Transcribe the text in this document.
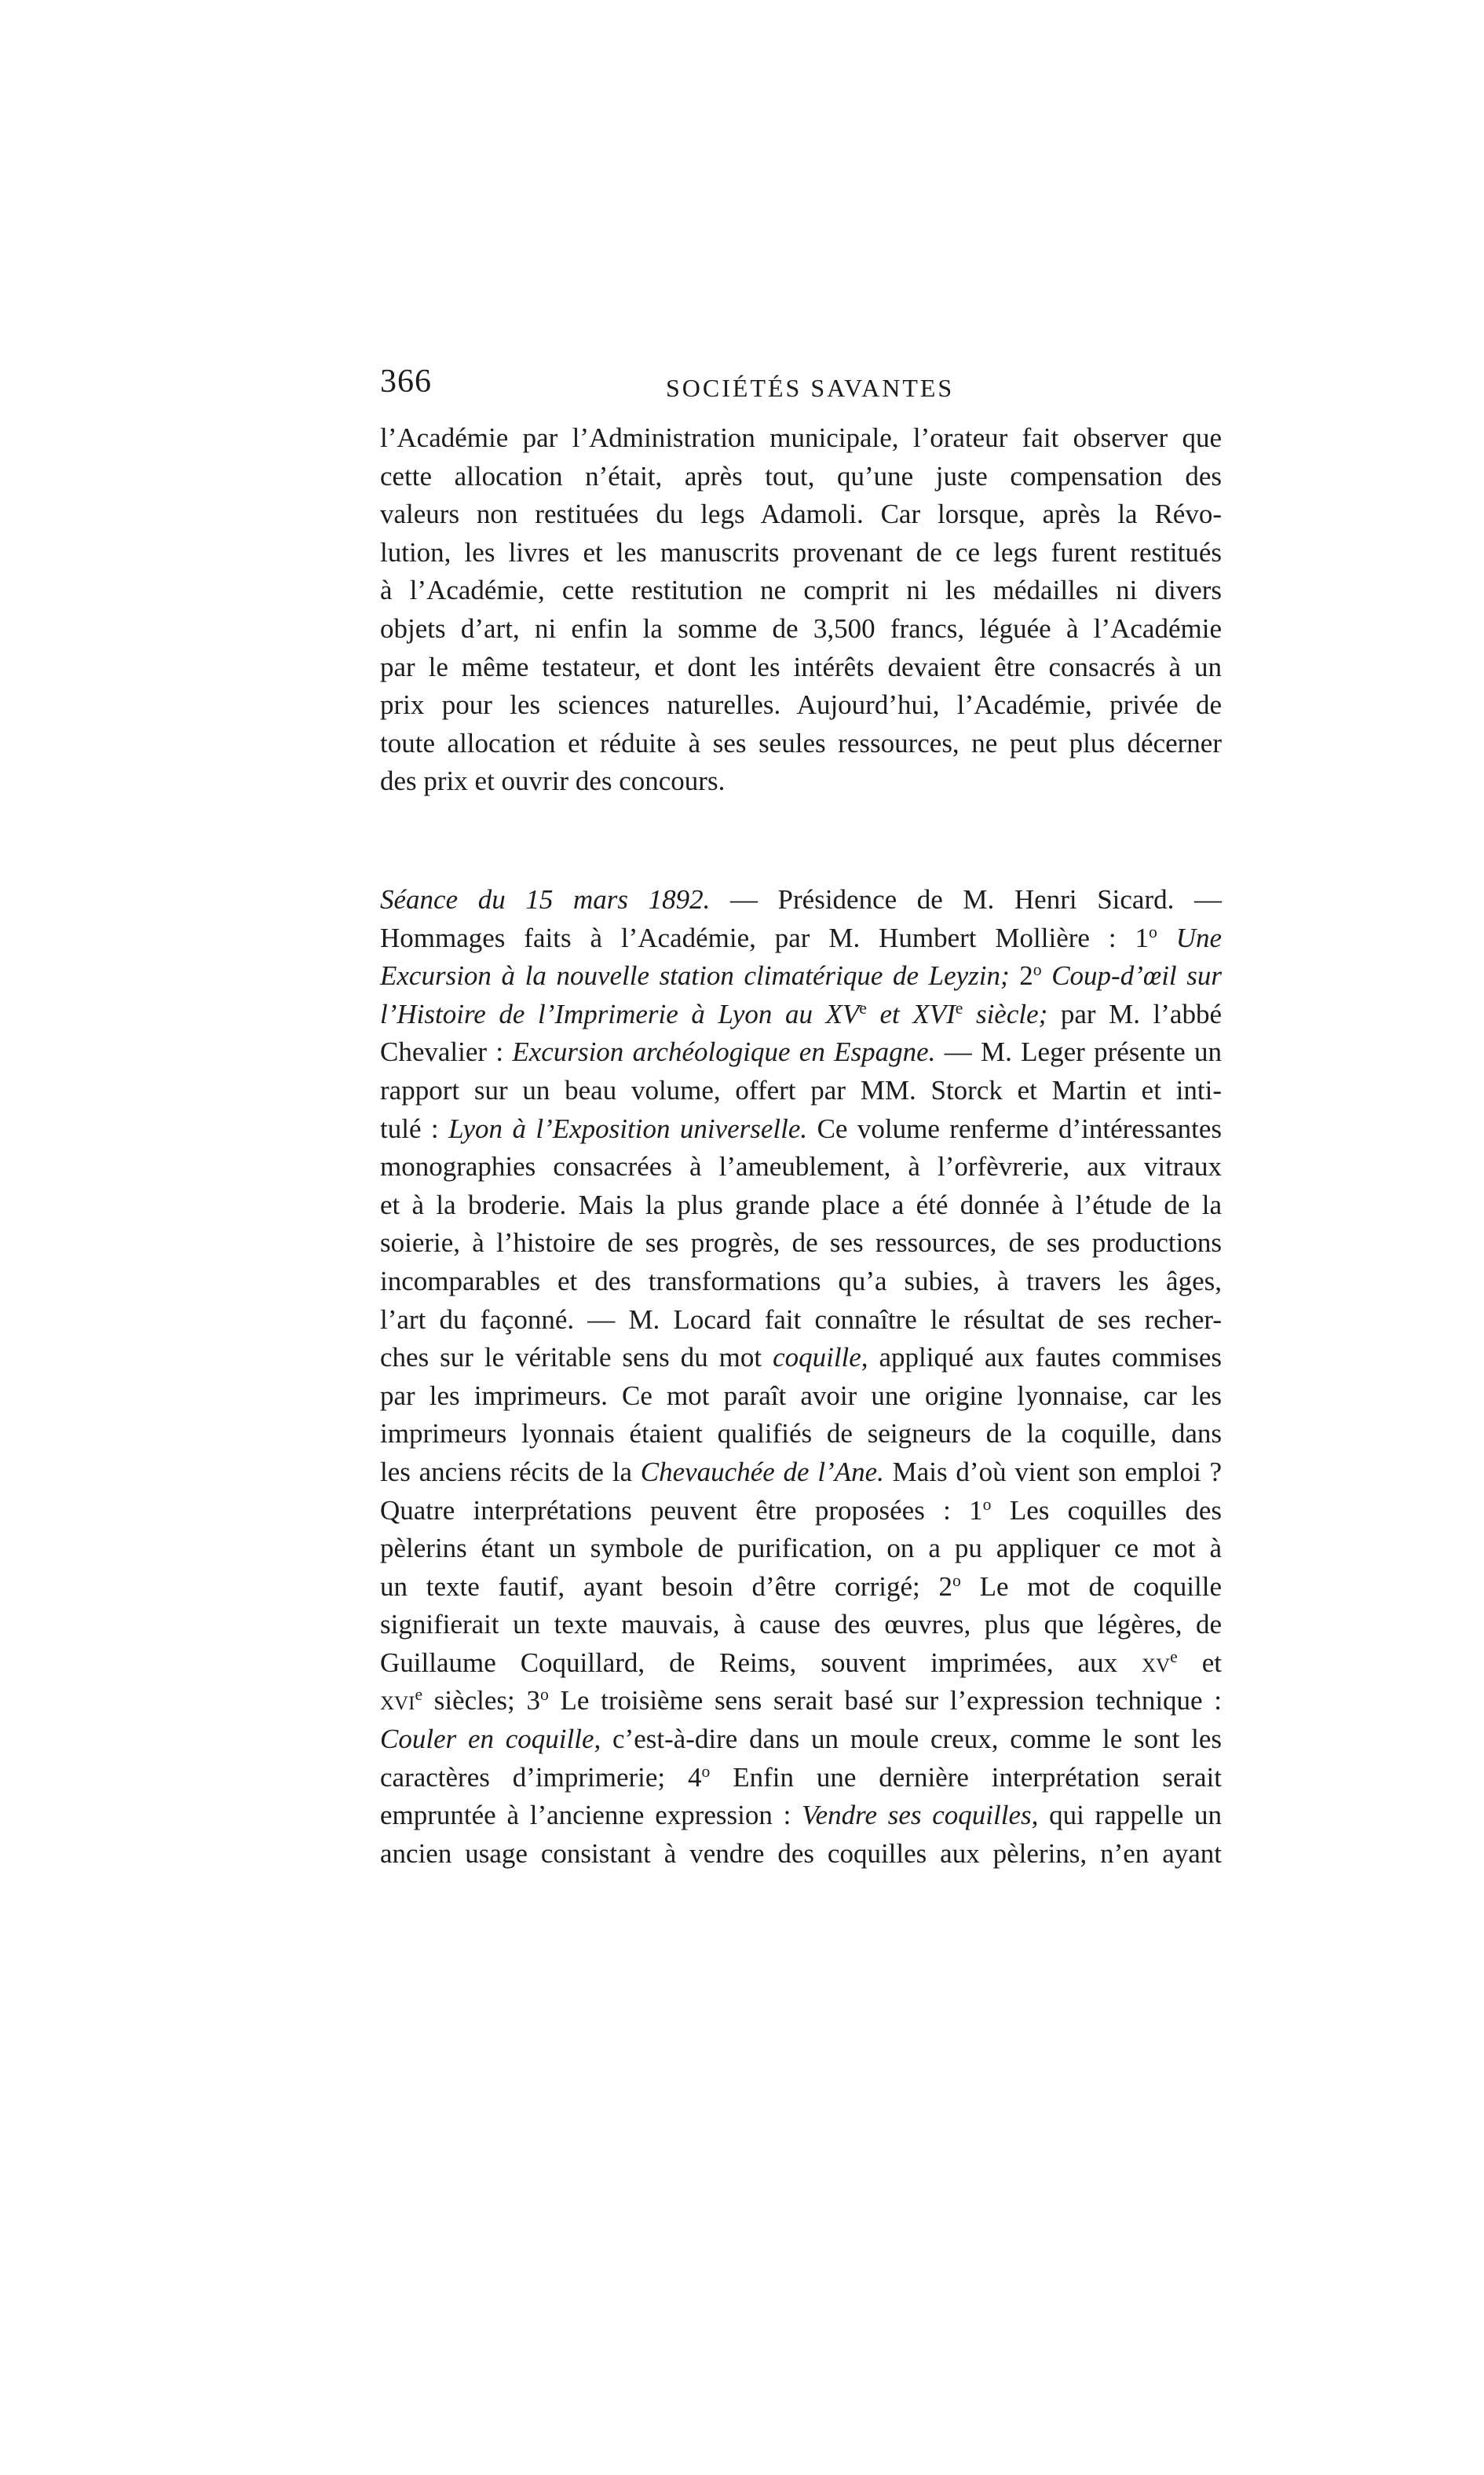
366	SOCIÉTÉS SAVANTES

l’Académie par l’Administration municipale, l’orateur fait observer que
cette allocation n’était, après tout, qu’une juste compensation des
valeurs non restituées du legs Adamoli. Car lorsque, après la Révo-
lution, les livres et les manuscrits provenant de ce legs furent restitués
à l’Académie, cette restitution ne comprit ni les médailles ni divers
objets d’art, ni enfin la somme de 3,500 francs, léguée à l’Académie
par le même testateur, et dont les intérêts devaient être consacrés à un
prix pour les sciences naturelles. Aujourd’hui, l’Académie, privée de
toute allocation et réduite à ses seules ressources, ne peut plus décerner
des prix et ouvrir des concours.

Séance du 15 mars 1892. — Présidence de M. Henri Sicard. —
Hommages faits à l’Académie, par M. Humbert Mollière : 1$^o$ Une
Excursion à la nouvelle station climatérique de Leyzin; 2$^o$ Coup-d’œil sur
l’Histoire de l’Imprimerie à Lyon au XVe et XVIe siècle; par M. l’abbé
Chevalier : Excursion archéologique en Espagne. — M. Leger présente un
rapport sur un beau volume, offert par MM. Storck et Martin et inti-
tulé : Lyon à l’Exposition universelle. Ce volume renferme d’intéressantes
monographies consacrées à l’ameublement, à l’orfèvrerie, aux vitraux
et à la broderie. Mais la plus grande place a été donnée à l’étude de la
soierie, à l’histoire de ses progrès, de ses ressources, de ses productions
incomparables et des transformations qu’a subies, à travers les âges,
l’art du façonné. — M. Locard fait connaître le résultat de ses recher-
ches sur le véritable sens du mot coquille, appliqué aux fautes commises
par les imprimeurs. Ce mot paraît avoir une origine lyonnaise, car les
imprimeurs lyonnais étaient qualifiés de seigneurs de la coquille, dans
les anciens récits de la Chevauchée de l’Ane. Mais d’où vient son emploi ?
Quatre interprétations peuvent être proposées : 1$^o$ Les coquilles des
pèlerins étant un symbole de purification, on a pu appliquer ce mot à
un texte fautif, ayant besoin d’être corrigé; 2$^o$ Le mot de coquille
signifierait un texte mauvais, à cause des œuvres, plus que légères, de
Guillaume Coquillard, de Reims, souvent imprimées, aux $xv^e$ et
xvi$^e$ siècles; 3$^o$ Le troisième sens serait basé sur l’expression technique :
Couler en coquille, c’est-à-dire dans un moule creux, comme le sont les
caractères d’imprimerie; 4$^o$ Enfin une dernière interprétation serait
empruntée à l’ancienne expression : Vendre ses coquilles, qui rappelle un
ancien usage consistant à vendre des coquilles aux pèlerins, n’en ayant
